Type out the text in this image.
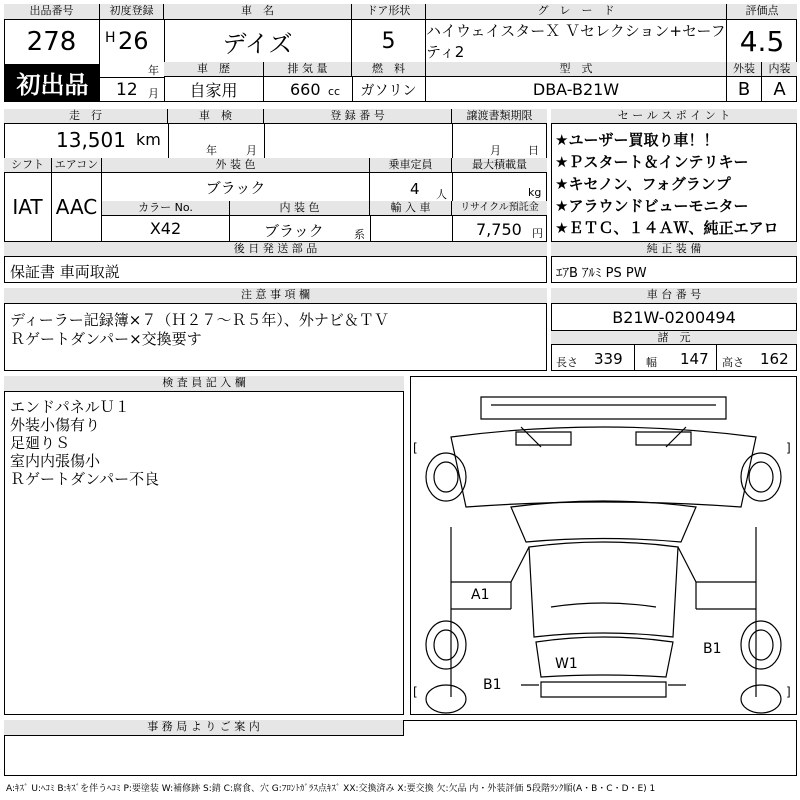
出品番号
278
初出品
初度登録
H 26
年
車　名
デイズ
ドア形状
5
グ　レ　ー　ド
ハイウェイスターＸ Ｖセレクション+セーフティ2
評価点
4.5
車　歴	排 気 量	燃　料	型　式	外装	内装
12 月	自家用	660 cc	ガソリン	DBA-B21W	B	A
走　行	車　検	登 録 番 号	譲渡書類期限
13,501 km
年	月	月 日
シフト エアコン	外 装 色	乗車定員	最大積載量
IAT AAC
ブラック	4 人	kg
カラー No.	内 装 色	輸 入 車	リサイクル預託金
X42	ブラック	系	7,750 円
後 日 発 送 部 品
保証書 車両取説
セ ー ル ス ポ イ ン ト
★ユーザー買取り車！！
★Ｐスタート＆インテリキー
★キセノン、フォグランプ
★アラウンドビューモニター
★ＥＴＣ、１４ＡＷ、純正エアロ
純 正 装 備
ｴｱB ｱﾙﾐ PS PW
注 意 事 項 欄
ディーラー記録簿×７（Ｈ２７～Ｒ５年）、外ナビ＆ＴＶ
Ｒゲートダンパー×交換要す
車 台 番 号
B21W-0200494
諸　元
長さ 339 幅 147 高さ 162
検 査 員 記 入 欄
エンドパネルＵ１
外装小傷有り
足廻りＳ
室内内張傷小
Ｒゲートダンパー不良
[	]
[	]
A1
W1
B1
B1
事 務 局 よ り ご 案 内
A:ｷｽﾞ U:ﾍｺﾐ B:ｷｽﾞを伴うﾍｺﾐ P:要塗装 W:補修跡 S:錆 C:腐食、穴 G:ﾌﾛﾝﾄｶﾞﾗｽ点ｷｽﾞ XX:交換済み X:要交換 欠:欠品 内・外装評価 5段階ﾗﾝｸ順(A・B・C・D・E) 1
